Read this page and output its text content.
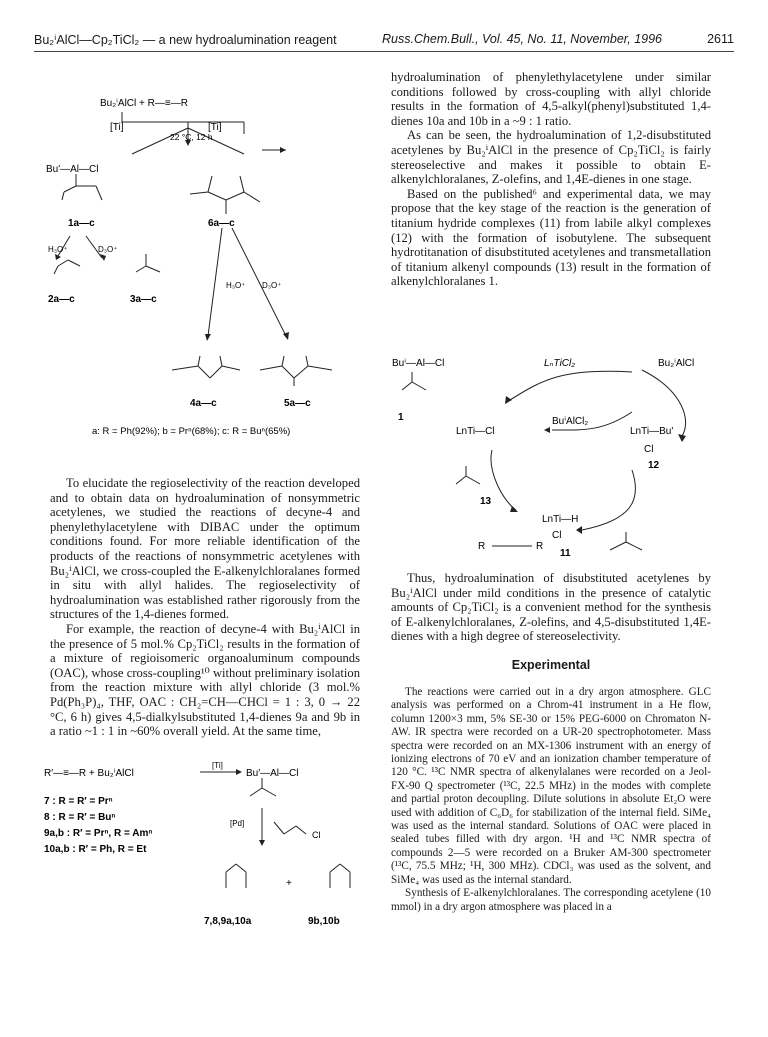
Bu₂ⁱAlCl—Cp₂TiCl₂ — a new hydroalumination reagent	Russ.Chem.Bull., Vol. 45, No. 11, November, 1996	2611
Bu₂ⁱAlCl + R—≡—R
[Ti]	[Ti]
22 °C, 12 h
Bu'—Al—Cl
1a—c	6a—c
H₃O⁺	D₃O⁺
2a—c	3a—c
H₃O⁺ D₃O⁺
4a—c	5a—c
a: R = Ph(92%); b = Prⁿ(68%); c: R = Buⁿ(65%)

To elucidate the regioselectivity of the reaction developed and to obtain data on hydroalumination of nonsymmetric acetylenes, we studied the reactions of decyne-4 and phenylethylacetylene with DIBAC under the optimum conditions found. For more reliable identification of the products of the reactions of nonsymmetric acetylenes with Bu₂ⁱAlCl, we cross-coupled the E-alkenylchloralanes formed in situ with allyl halides. The regioselectivity of hydroalumination was established rather rigorously from the structures of the 1,4-dienes formed.

For example, the reaction of decyne-4 with Bu₂ⁱAlCl in the presence of 5 mol.% Cp₂TiCl₂ results in the formation of a mixture of regioisomeric organoaluminum compounds (OAC), whose cross-coupling¹⁰ without preliminary isolation from the reaction mixture with allyl chloride (3 mol.% Pd(Ph₃P)₄, THF, OAC : CH₂=CH—CHCl = 1 : 3, 0 → 22 °C, 6 h) gives 4,5-dialkylsubstituted 1,4-dienes 9a and 9b in a ratio ~1 : 1 in ~60% overall yield. At the same time,

R′—≡—R + Bu₂ⁱAlCl
[Ti]
Bu′—Al—Cl
[Pd]
Cl
7 : R = R′ = Prⁿ
8 : R = R′ = Buⁿ
9a,b : R′ = Prⁿ, R = Amⁿ
10a,b : R′ = Ph, R = Et
+
7,8,9a,10a	9b,10b

hydroalumination of phenylethylacetylene under similar conditions followed by cross-coupling with allyl chloride results in the formation of 4,5-alkyl(phenyl)substituted 1,4-dienes 10a and 10b in a ~9 : 1 ratio.

As can be seen, the hydroalumination of 1,2-disubstituted acetylenes by Bu₂ⁱAlCl in the presence of Cp₂TiCl₂ is fairly stereoselective and makes it possible to obtain E-alkenylchloralanes, Z-olefins, and 1,4E-dienes in one stage.

Based on the published⁶ and experimental data, we may propose that the key stage of the reaction is the generation of titanium hydride complexes (11) from labile alkyl complexes (12) with the formation of isobutylene. The subsequent hydrotitanation of disubstituted acetylenes and transmetallation of titanium alkenyl compounds (13) result in the formation of alkenylchloralanes 1.

Buⁱ—Al—Cl
1
LₙTiCl₂	Bu₂ⁱAlCl
BuⁱAlCl₂
LnTi—Cl	LnTi—Bu'
Cl
12
13
LnTi—H
Cl
R	R
11

Thus, hydroalumination of disubstituted acetylenes by Bu₂ⁱAlCl under mild conditions in the presence of catalytic amounts of Cp₂TiCl₂ is a convenient method for the synthesis of E-alkenylchloralanes, Z-olefins, and 4,5-disubstituted 1,4E-dienes with a high degree of stereoselectivity.

Experimental

The reactions were carried out in a dry argon atmosphere. GLC analysis was performed on a Chrom-41 instrument in a He flow, column 1200×3 mm, 5% SE-30 or 15% PEG-6000 on Chromaton N-AW. IR spectra were recorded on a UR-20 spectrophotometer. Mass spectra were recorded on an MX-1306 instrument with an energy of ionizing electrons of 70 eV and an ionization chamber temperature of 120 °C. ¹³C NMR spectra of alkenylalanes were recorded on a Jeol-FX-90 Q spectrometer (¹³C, 22.5 MHz) in the modes with complete and partial proton decoupling. Dilute solutions in absolute Et₂O were used with addition of C₆D₆ for stabilization of the internal field. SiMe₄ was used as the internal standard. Solutions of OAC were placed in sealed tubes filled with dry argon. ¹H and ¹³C NMR spectra of compounds 2—5 were recorded on a Bruker AM-300 spectrometer (¹³C, 75.5 MHz; ¹H, 300 MHz). CDCl₃ was used as the solvent, and SiMe₄ was used as the internal standard.

Synthesis of E-alkenylchloralanes. The corresponding acetylene (10 mmol) in a dry argon atmosphere was placed in a
